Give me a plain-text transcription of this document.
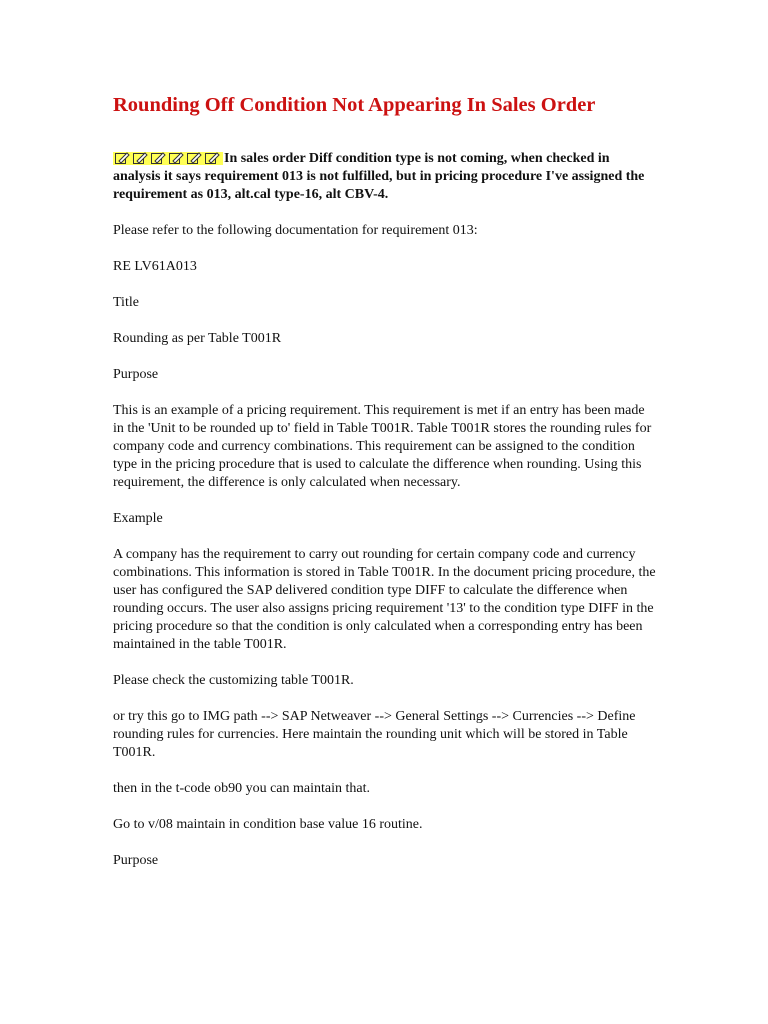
Rounding Off Condition Not Appearing In Sales Order

In sales order Diff condition type is not coming, when checked in analysis it says requirement 013 is not fulfilled, but in pricing procedure I've assigned the requirement as 013, alt.cal type-16, alt CBV-4.

Please refer to the following documentation for requirement 013:

RE LV61A013

Title

Rounding as per Table T001R

Purpose

This is an example of a pricing requirement. This requirement is met if an entry has been made in the 'Unit to be rounded up to' field in Table T001R. Table T001R stores the rounding rules for company code and currency combinations. This requirement can be assigned to the condition type in the pricing procedure that is used to calculate the difference when rounding. Using this requirement, the difference is only calculated when necessary.

Example

A company has the requirement to carry out rounding for certain company code and currency combinations. This information is stored in Table T001R. In the document pricing procedure, the user has configured the SAP delivered condition type DIFF to calculate the difference when rounding occurs. The user also assigns pricing requirement '13' to the condition type DIFF in the pricing procedure so that the condition is only calculated when a corresponding entry has been maintained in the table T001R.

Please check the customizing table T001R.

or try this go to IMG path --> SAP Netweaver --> General Settings --> Currencies --> Define rounding rules for currencies. Here maintain the rounding unit which will be stored in Table T001R.

then in the t-code ob90 you can maintain that.

Go to v/08 maintain in condition base value 16 routine.

Purpose
